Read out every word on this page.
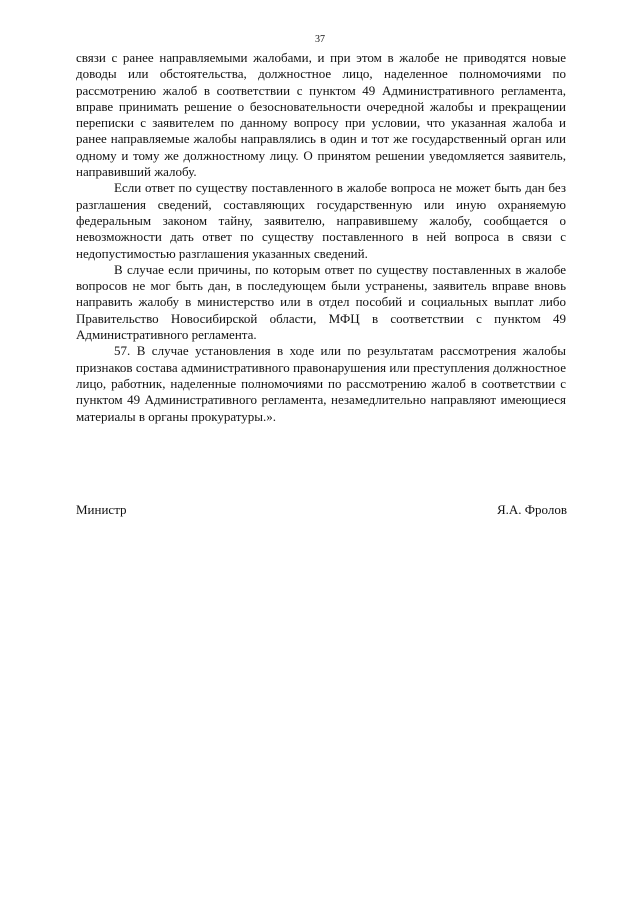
37

связи с ранее направляемыми жалобами, и при этом в жалобе не приводятся новые доводы или обстоятельства, должностное лицо, наделенное полномочиями по рассмотрению жалоб в соответствии с пунктом 49 Административного регламента, вправе принимать решение о безосновательности очередной жалобы и прекращении переписки с заявителем по данному вопросу при условии, что указанная жалоба и ранее направляемые жалобы направлялись в один и тот же государственный орган или одному и тому же должностному лицу. О принятом решении уведомляется заявитель, направивший жалобу.

Если ответ по существу поставленного в жалобе вопроса не может быть дан без разглашения сведений, составляющих государственную или иную охраняемую федеральным законом тайну, заявителю, направившему жалобу, сообщается о невозможности дать ответ по существу поставленного в ней вопроса в связи с недопустимостью разглашения указанных сведений.

В случае если причины, по которым ответ по существу поставленных в жалобе вопросов не мог быть дан, в последующем были устранены, заявитель вправе вновь направить жалобу в министерство или в отдел пособий и социальных выплат либо Правительство Новосибирской области, МФЦ в соответствии с пунктом 49 Административного регламента.

57. В случае установления в ходе или по результатам рассмотрения жалобы признаков состава административного правонарушения или преступления должностное лицо, работник, наделенные полномочиями по рассмотрению жалоб в соответствии с пунктом 49 Административного регламента, незамедлительно направляют имеющиеся материалы в органы прокуратуры.».

Министр	Я.А. Фролов
